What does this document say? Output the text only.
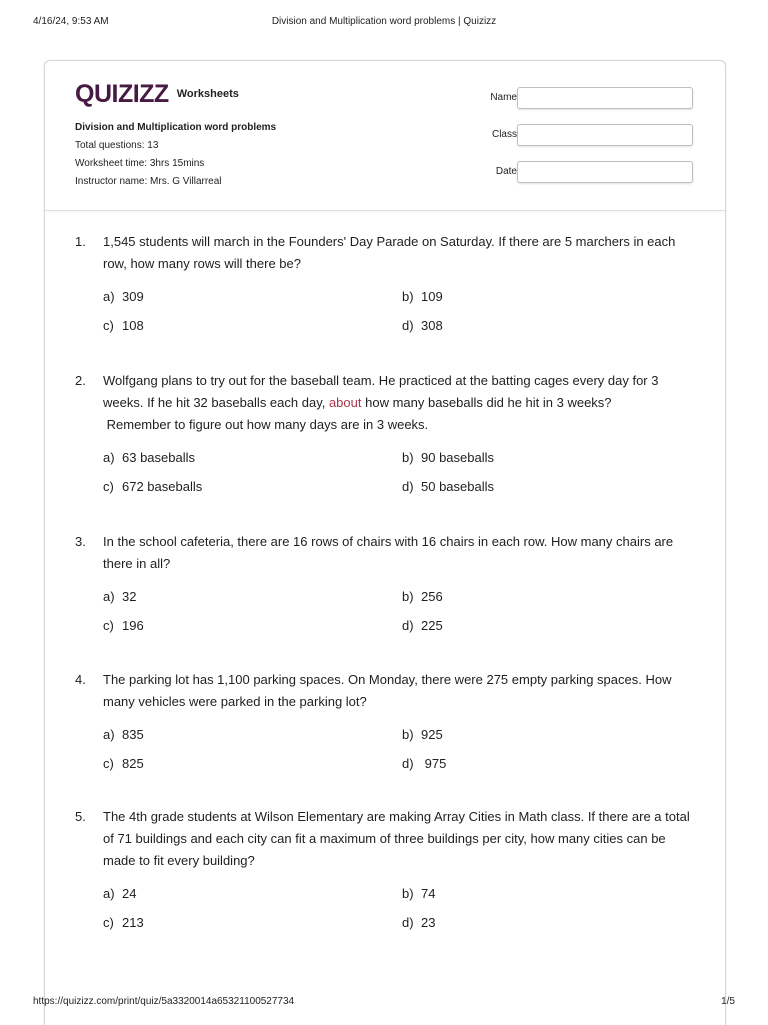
4/16/24, 9:53 AM	Division and Multiplication word problems | Quizizz
QUIZIZZ Worksheets
Division and Multiplication word problems
Total questions: 13
Worksheet time: 3hrs 15mins
Instructor name: Mrs. G Villarreal
Name
Class
Date
1. 1,545 students will march in the Founders' Day Parade on Saturday. If there are 5 marchers in each row, how many rows will there be?
a) 309	b) 109
c) 108	d) 308
2. Wolfgang plans to try out for the baseball team. He practiced at the batting cages every day for 3 weeks. If he hit 32 baseballs each day, about how many baseballs did he hit in 3 weeks?
Remember to figure out how many days are in 3 weeks.
a) 63 baseballs	b) 90 baseballs
c) 672 baseballs	d) 50 baseballs
3. In the school cafeteria, there are 16 rows of chairs with 16 chairs in each row. How many chairs are there in all?
a) 32	b) 256
c) 196	d) 225
4. The parking lot has 1,100 parking spaces. On Monday, there were 275 empty parking spaces. How many vehicles were parked in the parking lot?
a) 835	b) 925
c) 825	d) 975
5. The 4th grade students at Wilson Elementary are making Array Cities in Math class. If there are a total of 71 buildings and each city can fit a maximum of three buildings per city, how many cities can be made to fit every building?
a) 24	b) 74
c) 213	d) 23
https://quizizz.com/print/quiz/5a3320014a65321100527734	1/5
